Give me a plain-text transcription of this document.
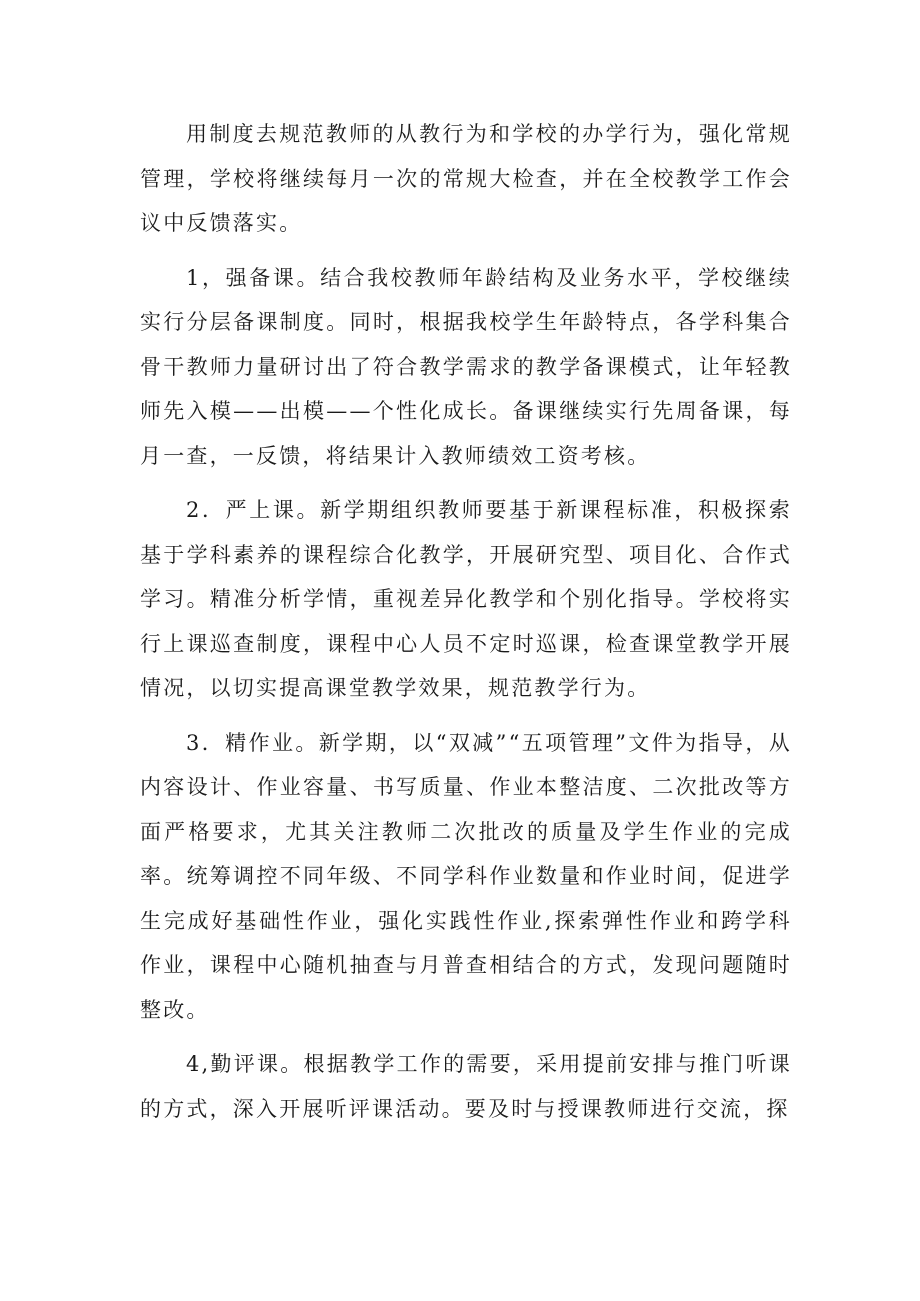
用制度去规范教师的从教行为和学校的办学行为，强化常规管理，学校将继续每月一次的常规大检查，并在全校教学工作会议中反馈落实。

1，强备课。结合我校教师年龄结构及业务水平，学校继续实行分层备课制度。同时，根据我校学生年龄特点，各学科集合骨干教师力量研讨出了符合教学需求的教学备课模式，让年轻教师先入模——出模——个性化成长。备课继续实行先周备课，每月一查，一反馈，将结果计入教师绩效工资考核。

2．严上课。新学期组织教师要基于新课程标准，积极探索基于学科素养的课程综合化教学，开展研究型、项目化、合作式学习。精准分析学情，重视差异化教学和个别化指导。学校将实行上课巡查制度，课程中心人员不定时巡课，检查课堂教学开展情况，以切实提高课堂教学效果，规范教学行为。

3．精作业。新学期，以“双减”“五项管理”文件为指导，从内容设计、作业容量、书写质量、作业本整洁度、二次批改等方面严格要求，尤其关注教师二次批改的质量及学生作业的完成率。统筹调控不同年级、不同学科作业数量和作业时间，促进学生完成好基础性作业，强化实践性作业,探索弹性作业和跨学科作业，课程中心随机抽查与月普查相结合的方式，发现问题随时整改。

4,勤评课。根据教学工作的需要，采用提前安排与推门听课的方式，深入开展听评课活动。要及时与授课教师进行交流，探
